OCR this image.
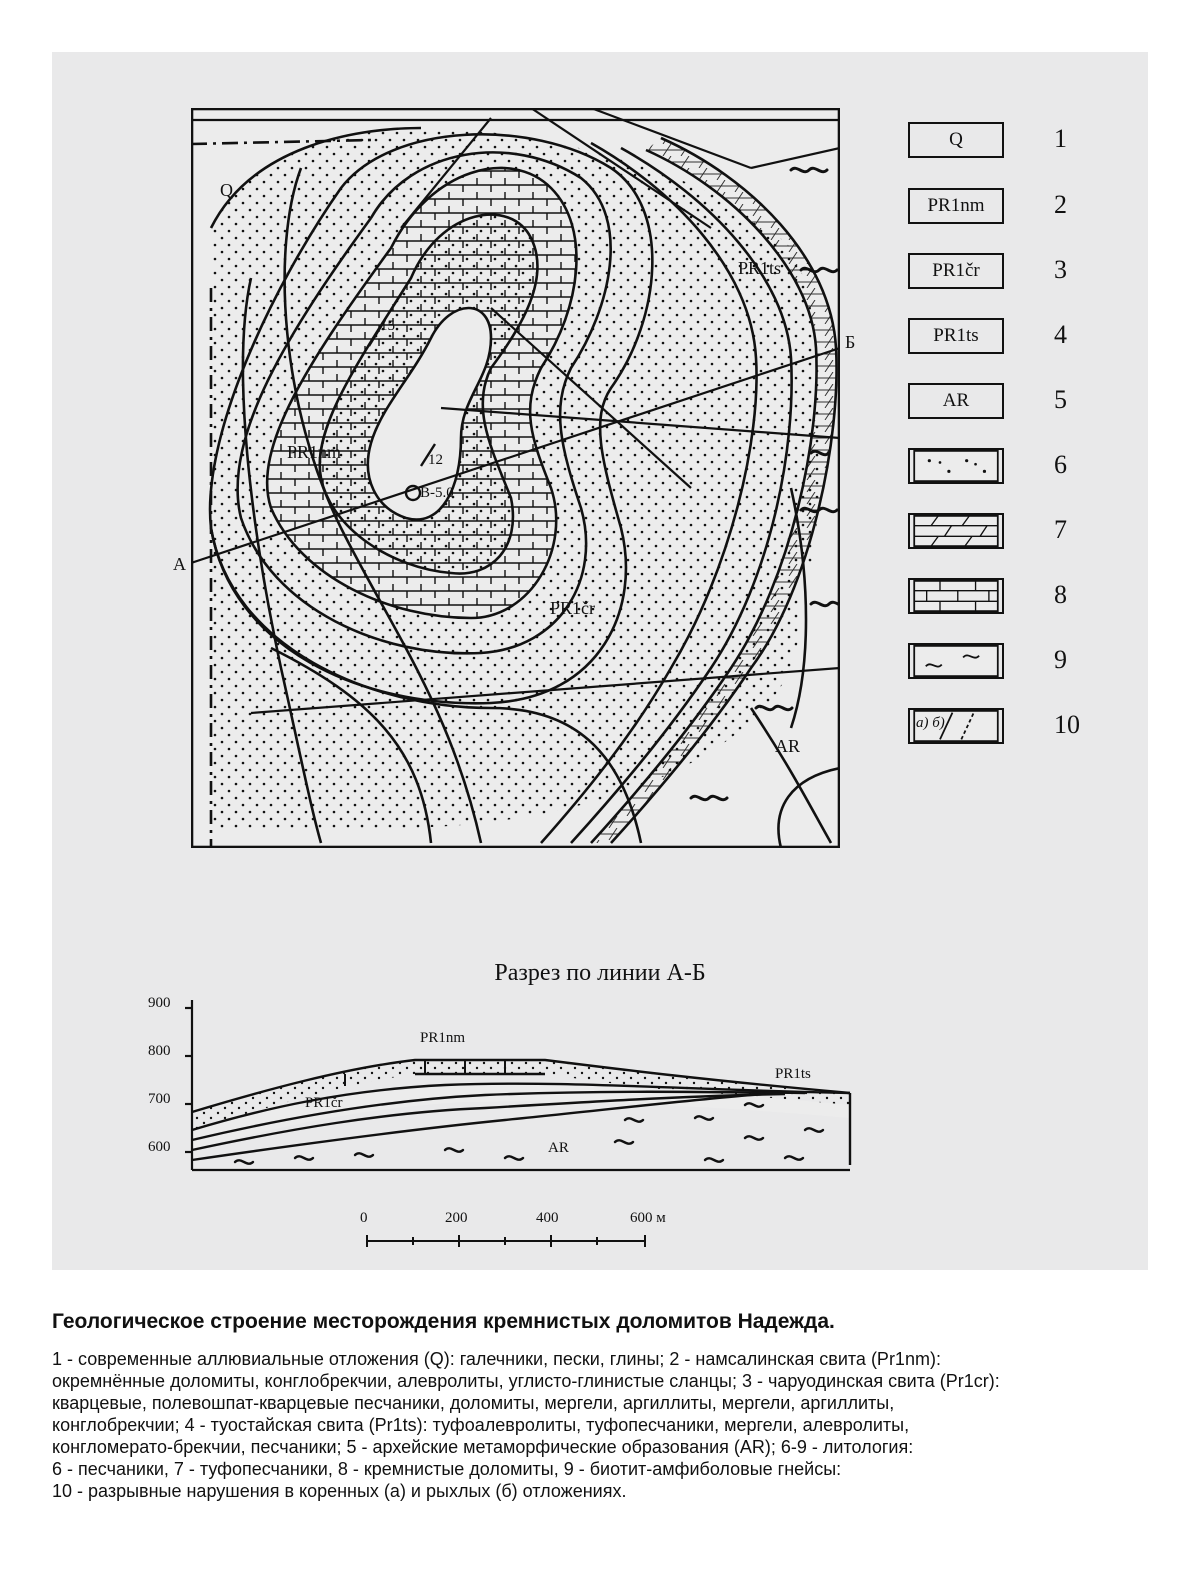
Q
PR1ts
PR1nm
PR1čr
AR
А
Б
15
12
В-5.0
Q	1
PR1nm	2
PR1čr	3
PR1ts	4
AR	5
6
7
8
9
а) б)	10
Разрез по линии А-Б
900
800
700
600
PR1nm
PR1čr
PR1ts
AR
0	200	400	600 м

Геологическое строение месторождения кремнистых доломитов Надежда.

1 - современные аллювиальные отложения (Q): галечники, пески, глины; 2 - намсалинская свита (Pr1nm):

окремнённые доломиты, конглобрекчии, алевролиты, углисто-глинистые сланцы; 3 - чаруодинская свита (Pr1cr):

кварцевые, полевошпат-кварцевые песчаники, доломиты, мергели, аргиллиты, мергели, аргиллиты,

конглобрекчии; 4 - туостайская свита (Pr1ts): туфоалевролиты, туфопесчаники, мергели, алевролиты,

конгломерато-брекчии, песчаники; 5 - архейские метаморфические образования (AR); 6-9 - литология:

6 - песчаники, 7 - туфопесчаники, 8 - кремнистые доломиты, 9 - биотит-амфиболовые гнейсы:

10 - разрывные нарушения в коренных (а) и рыхлых (б) отложениях.
